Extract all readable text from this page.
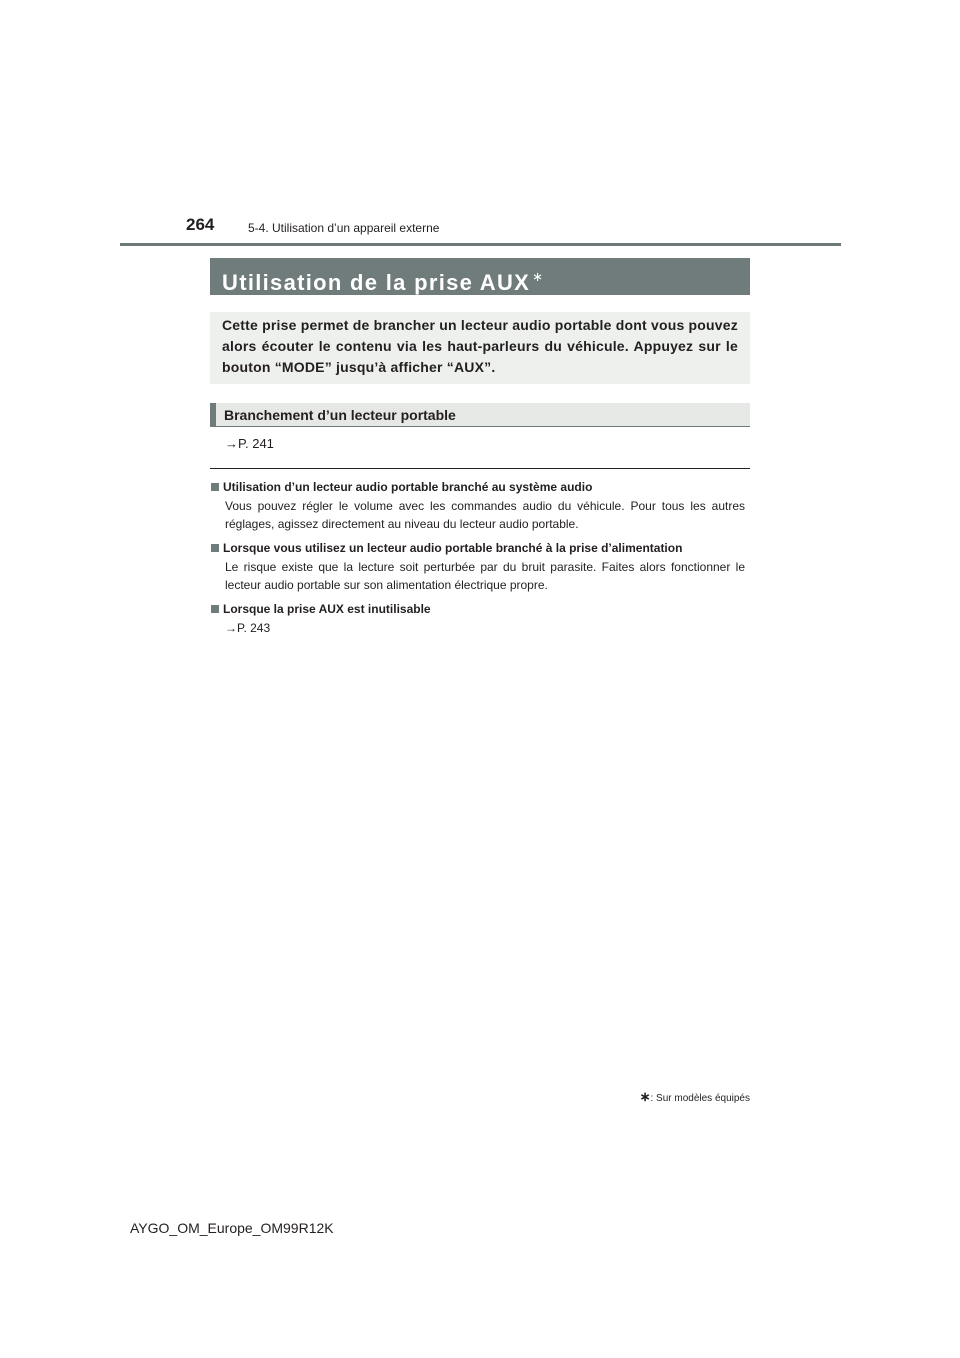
264	5-4. Utilisation d’un appareil externe
Utilisation de la prise AUX ∗
Cette prise permet de brancher un lecteur audio portable dont vous pouvez alors écouter le contenu via les haut-parleurs du véhicule. Appuyez sur le bouton “MODE” jusqu’à afficher “AUX”.
Branchement d’un lecteur portable
→P. 241
Utilisation d’un lecteur audio portable branché au système audio
Vous pouvez régler le volume avec les commandes audio du véhicule. Pour tous les autres réglages, agissez directement au niveau du lecteur audio portable.
Lorsque vous utilisez un lecteur audio portable branché à la prise d’alimentation
Le risque existe que la lecture soit perturbée par du bruit parasite. Faites alors fonctionner le lecteur audio portable sur son alimentation électrique propre.
Lorsque la prise AUX est inutilisable
→P. 243
∗: Sur modèles équipés
AYGO_OM_Europe_OM99R12K
